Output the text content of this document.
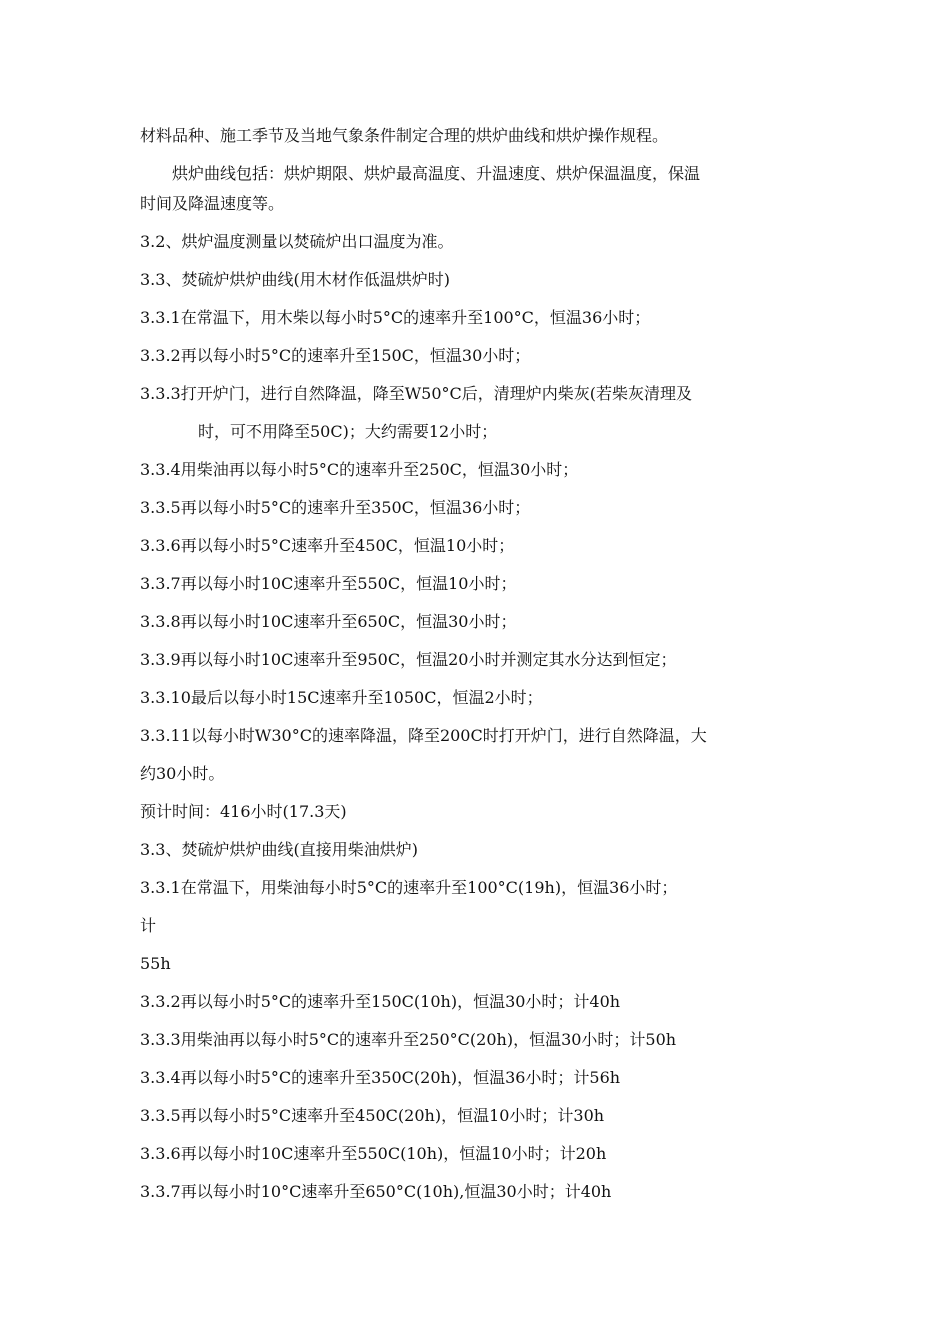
材料品种、施工季节及当地气象条件制定合理的烘炉曲线和烘炉操作规程。
烘炉曲线包括：烘炉期限、烘炉最高温度、升温速度、烘炉保温温度，保温
时间及降温速度等。
3.2、烘炉温度测量以焚硫炉出口温度为准。
3.3、焚硫炉烘炉曲线(用木材作低温烘炉时)
3.3.1在常温下，用木柴以每小时5°C的速率升至100°C，恒温36小时；
3.3.2再以每小时5°C的速率升至150C，恒温30小时；
3.3.3打开炉门，进行自然降温，降至W50°C后，清理炉内柴灰(若柴灰清理及
时，可不用降至50C)；大约需要12小时；
3.3.4用柴油再以每小时5°C的速率升至250C，恒温30小时；
3.3.5再以每小时5°C的速率升至350C，恒温36小时；
3.3.6再以每小时5°C速率升至450C，恒温10小时；
3.3.7再以每小时10C速率升至550C，恒温10小时；
3.3.8再以每小时10C速率升至650C，恒温30小时；
3.3.9再以每小时10C速率升至950C，恒温20小时并测定其水分达到恒定；
3.3.10最后以每小时15C速率升至1050C，恒温2小时；
3.3.11以每小时W30°C的速率降温，降至200C时打开炉门，进行自然降温，大
约30小时。
预计时间：416小时(17.3天)
3.3、焚硫炉烘炉曲线(直接用柴油烘炉)
3.3.1在常温下，用柴油每小时5°C的速率升至100°C(19h)，恒温36小时；
计
55h
3.3.2再以每小时5°C的速率升至150C(10h)，恒温30小时；计40h
3.3.3用柴油再以每小时5°C的速率升至250°C(20h)，恒温30小时；计50h
3.3.4再以每小时5°C的速率升至350C(20h)，恒温36小时；计56h
3.3.5再以每小时5°C速率升至450C(20h)，恒温10小时；计30h
3.3.6再以每小时10C速率升至550C(10h)，恒温10小时；计20h
3.3.7再以每小时10°C速率升至650°C(10h),恒温30小时；计40h
